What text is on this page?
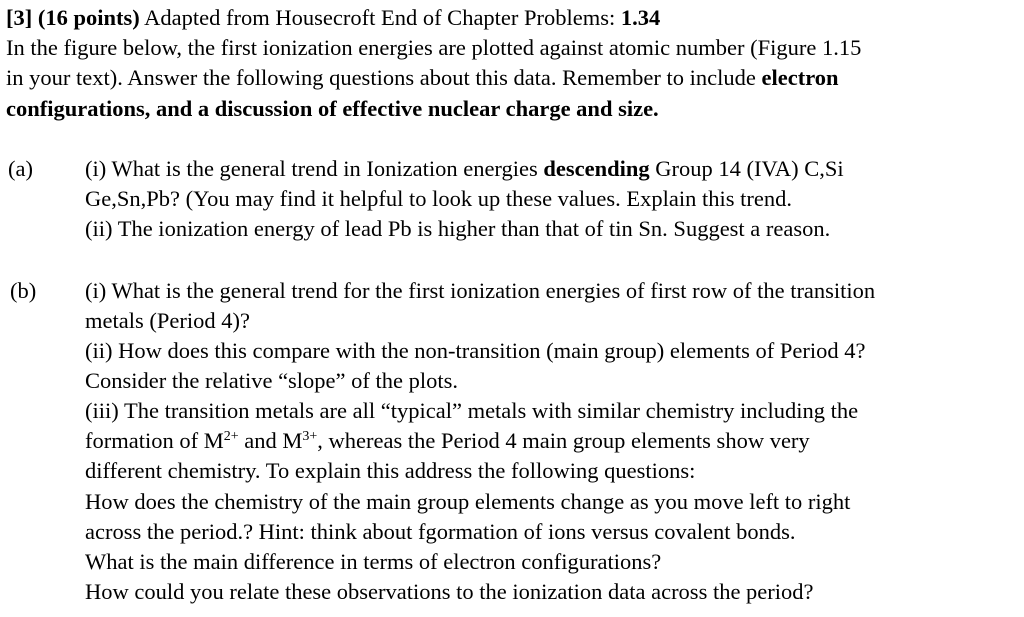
[3] (16 points) Adapted from Housecroft End of Chapter Problems: 1.34
In the figure below, the first ionization energies are plotted against atomic number (Figure 1.15
in your text). Answer the following questions about this data. Remember to include electron
configurations, and a discussion of effective nuclear charge and size.
(a) (i) What is the general trend in Ionization energies descending Group 14 (IVA) C,Si
Ge,Sn,Pb? (You may find it helpful to look up these values. Explain this trend.
(ii) The ionization energy of lead Pb is higher than that of tin Sn. Suggest a reason.
(b) (i) What is the general trend for the first ionization energies of first row of the transition
metals (Period 4)?
(ii) How does this compare with the non-transition (main group) elements of Period 4?
Consider the relative “slope” of the plots.
(iii) The transition metals are all “typical” metals with similar chemistry including the
formation of $M^{2+}$ and $M^{3+}$, whereas the Period 4 main group elements show very
different chemistry. To explain this address the following questions:
How does the chemistry of the main group elements change as you move left to right
across the period.? Hint: think about fgormation of ions versus covalent bonds.
What is the main difference in terms of electron configurations?
How could you relate these observations to the ionization data across the period?
